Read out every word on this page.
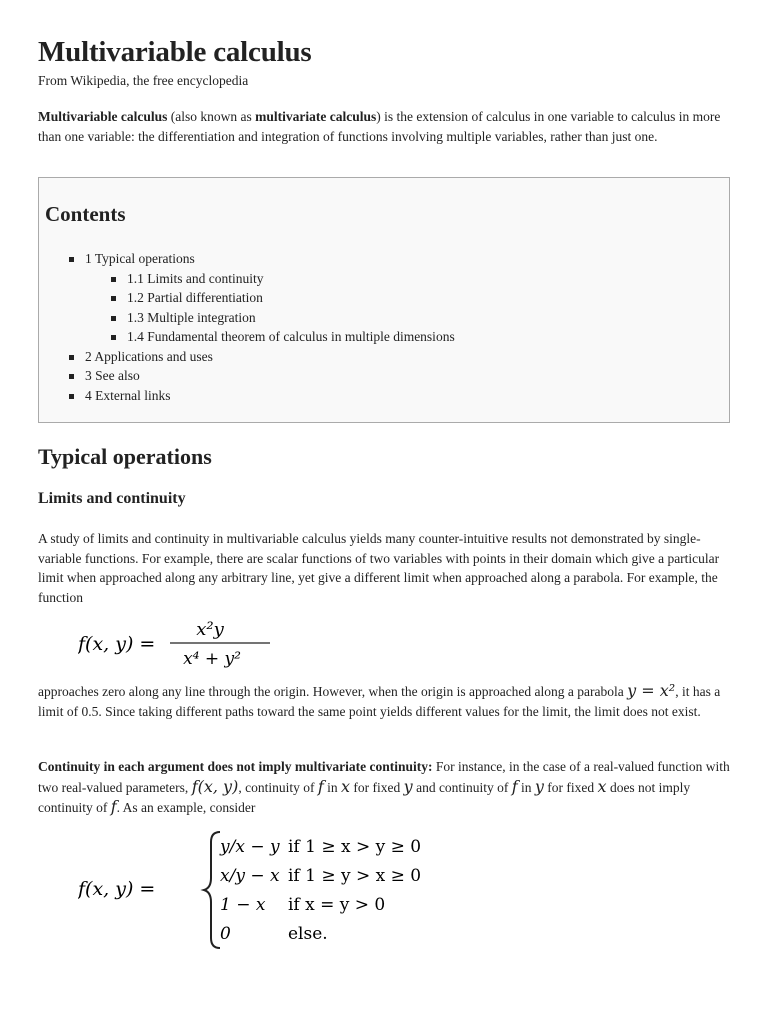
Multivariable calculus
From Wikipedia, the free encyclopedia

Multivariable calculus (also known as multivariate calculus) is the extension of calculus in one variable to calculus in more than one variable: the differentiation and integration of functions involving multiple variables, rather than just one.

Contents
1 Typical operations
1.1 Limits and continuity
1.2 Partial differentiation
1.3 Multiple integration
1.4 Fundamental theorem of calculus in multiple dimensions
2 Applications and uses
3 See also
4 External links
Typical operations
Limits and continuity

A study of limits and continuity in multivariable calculus yields many counter-intuitive results not demonstrated by single-variable functions. For example, there are scalar functions of two variables with points in their domain which give a particular limit when approached along any arbitrary line, yet give a different limit when approached along a parabola. For example, the function

f(x, y) =
x²y
x⁴ + y²

approaches zero along any line through the origin. However, when the origin is approached along a parabola y = x², it has a limit of 0.5. Since taking different paths toward the same point yields different values for the limit, the limit does not exist.

Continuity in each argument does not imply multivariate continuity: For instance, in the case of a real-valued function with two real-valued parameters, f(x, y), continuity of f in x for fixed y and continuity of f in y for fixed x does not imply continuity of f. As an example, consider

f(x, y) =
y/x − y if 1 ≥ x > y ≥ 0
x/y − x if 1 ≥ y > x ≥ 0
1 − x if x = y > 0
0	else.
